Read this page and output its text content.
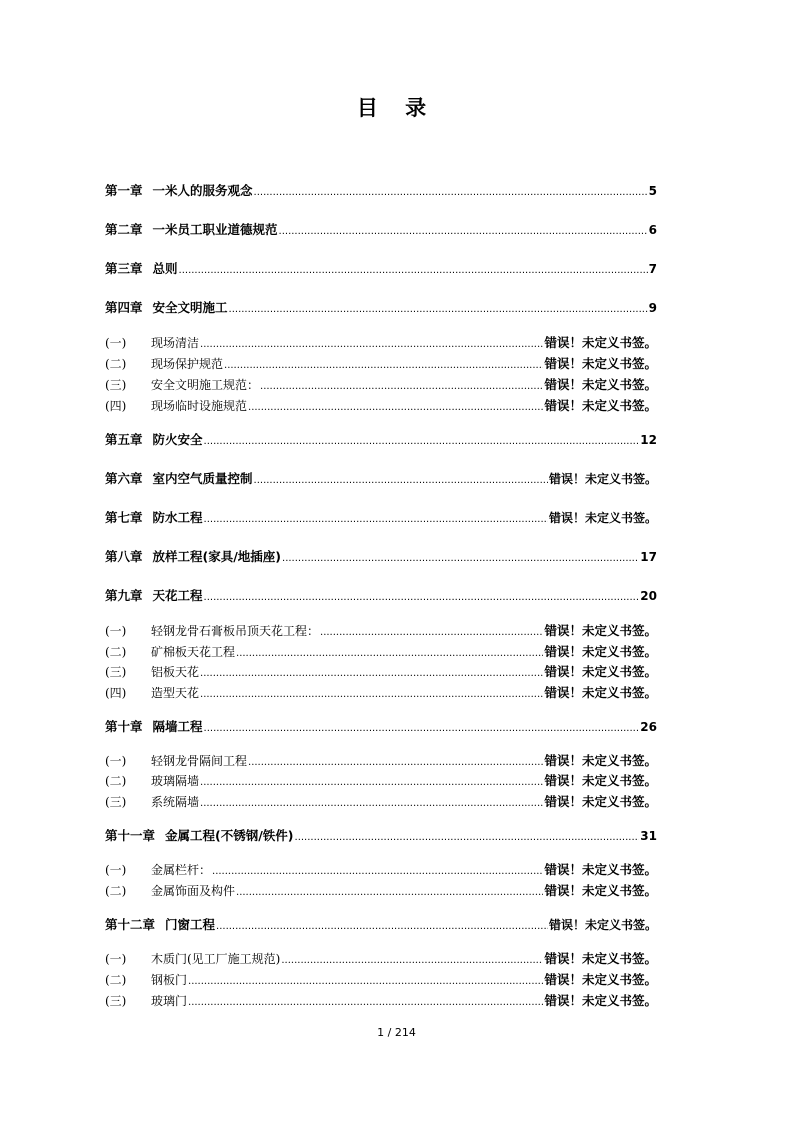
目 录
第一章 一米人的服务观念 .....	5
第二章 一米员工职业道德规范 .....	6
第三章 总则 .....	7
第四章 安全文明施工 .....	9
(一)	现场清洁 .....	错误！未定义书签。
(二)	现场保护规范 .....	错误！未定义书签。
(三)	安全文明施工规范： .....	错误！未定义书签。
(四)	现场临时设施规范 .....	错误！未定义书签。
第五章 防火安全 .....	12
第六章 室内空气质量控制 .....	错误！未定义书签。
第七章 防水工程 .....	错误！未定义书签。
第八章 放样工程(家具/地插座) .....	17
第九章 天花工程 .....	20
(一)	轻钢龙骨石膏板吊顶天花工程： .....	错误！未定义书签。
(二)	矿棉板天花工程 .....	错误！未定义书签。
(三)	铝板天花 .....	错误！未定义书签。
(四)	造型天花 .....	错误！未定义书签。
第十章 隔墙工程 .....	26
(一)	轻钢龙骨隔间工程 .....	错误！未定义书签。
(二)	玻璃隔墙 .....	错误！未定义书签。
(三)	系统隔墙 .....	错误！未定义书签。
第十一章 金属工程(不锈钢/铁件) .....	31
(一)	金属栏杆： .....	错误！未定义书签。
(二)	金属饰面及构件 .....	错误！未定义书签。
第十二章 门窗工程 .....	错误！未定义书签。
(一)	木质门(见工厂施工规范) .....	错误！未定义书签。
(二)	钢板门 .....	错误！未定义书签。
(三)	玻璃门 .....	错误！未定义书签。
1 / 214
